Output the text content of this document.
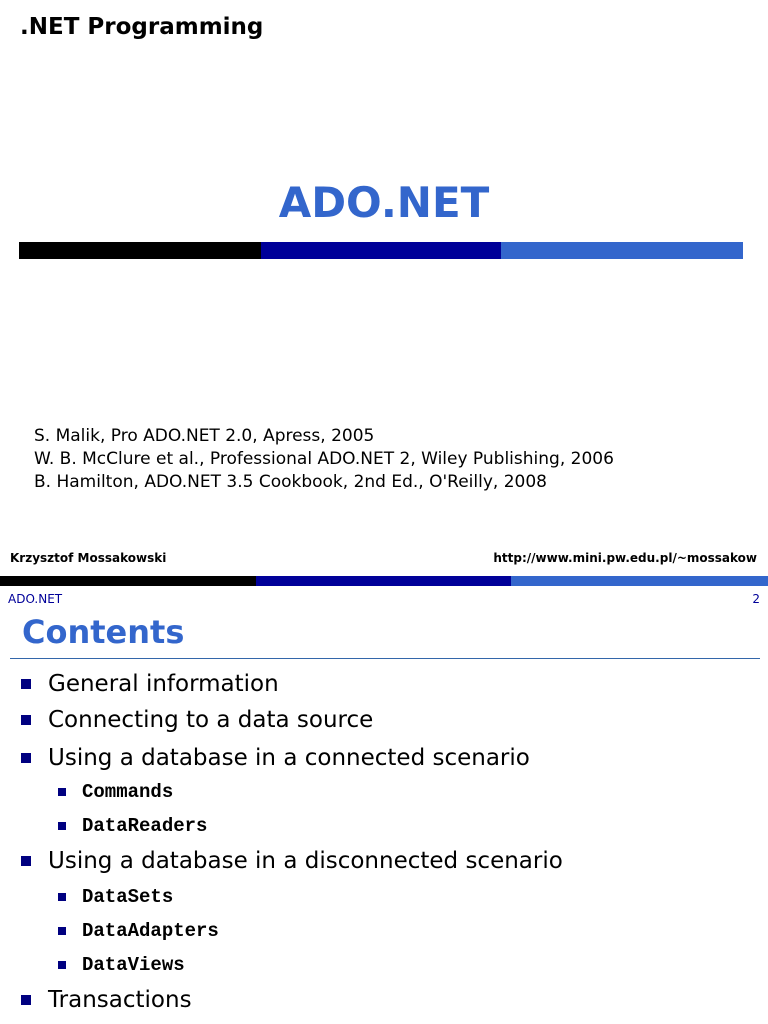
.NET Programming
ADO.NET
S. Malik, Pro ADO.NET 2.0, Apress, 2005
W. B. McClure et al., Professional ADO.NET 2, Wiley Publishing, 2006
B. Hamilton, ADO.NET 3.5 Cookbook, 2nd Ed., O'Reilly, 2008
Krzysztof Mossakowski	http://www.mini.pw.edu.pl/~mossakow
ADO.NET	2
Contents
General information
Connecting to a data source
Using a database in a connected scenario
Commands
DataReaders
Using a database in a disconnected scenario
DataSets
DataAdapters
DataViews
Transactions
